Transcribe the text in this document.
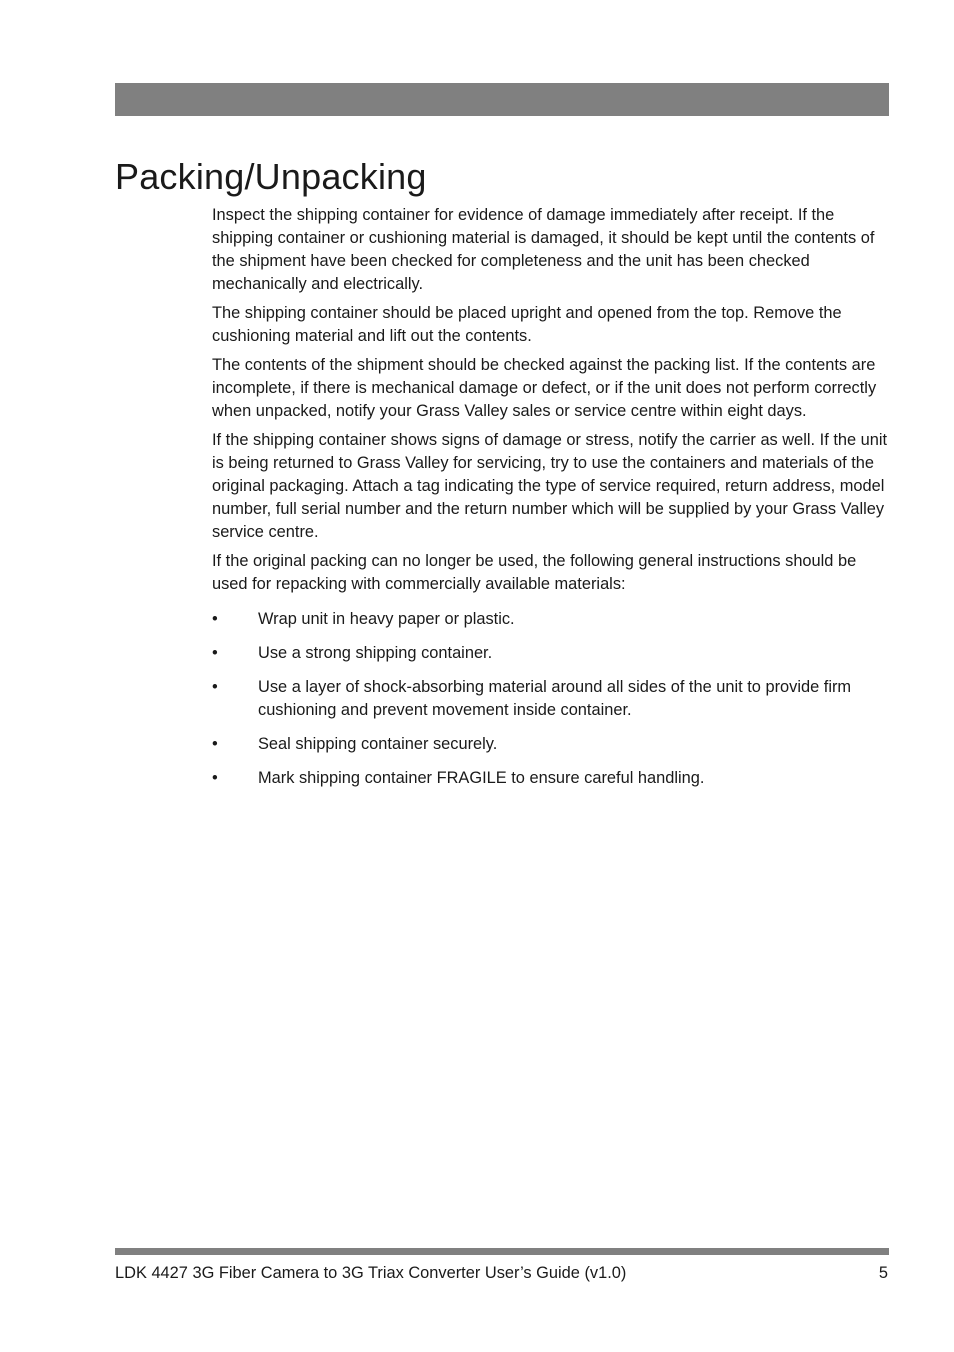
Packing/Unpacking

Inspect the shipping container for evidence of damage immediately after receipt. If the shipping container or cushioning material is damaged, it should be kept until the contents of the shipment have been checked for completeness and the unit has been checked mechanically and electrically.

The shipping container should be placed upright and opened from the top. Remove the cushioning material and lift out the contents.

The contents of the shipment should be checked against the packing list. If the contents are incomplete, if there is mechanical damage or defect, or if the unit does not perform correctly when unpacked, notify your Grass Valley sales or service centre within eight days.

If the shipping container shows signs of damage or stress, notify the carrier as well. If the unit is being returned to Grass Valley for servicing, try to use the containers and materials of the original packaging. Attach a tag indicating the type of service required, return address, model number, full serial number and the return number which will be supplied by your Grass Valley service centre.

If the original packing can no longer be used, the following general instructions should be used for repacking with commercially available materials:

• Wrap unit in heavy paper or plastic.
• Use a strong shipping container.
• Use a layer of shock-absorbing material around all sides of the unit to provide firm cushioning and prevent movement inside container.
• Seal shipping container securely.
• Mark shipping container FRAGILE to ensure careful handling.
LDK 4427 3G Fiber Camera to 3G Triax Converter User’s Guide (v1.0)	5
